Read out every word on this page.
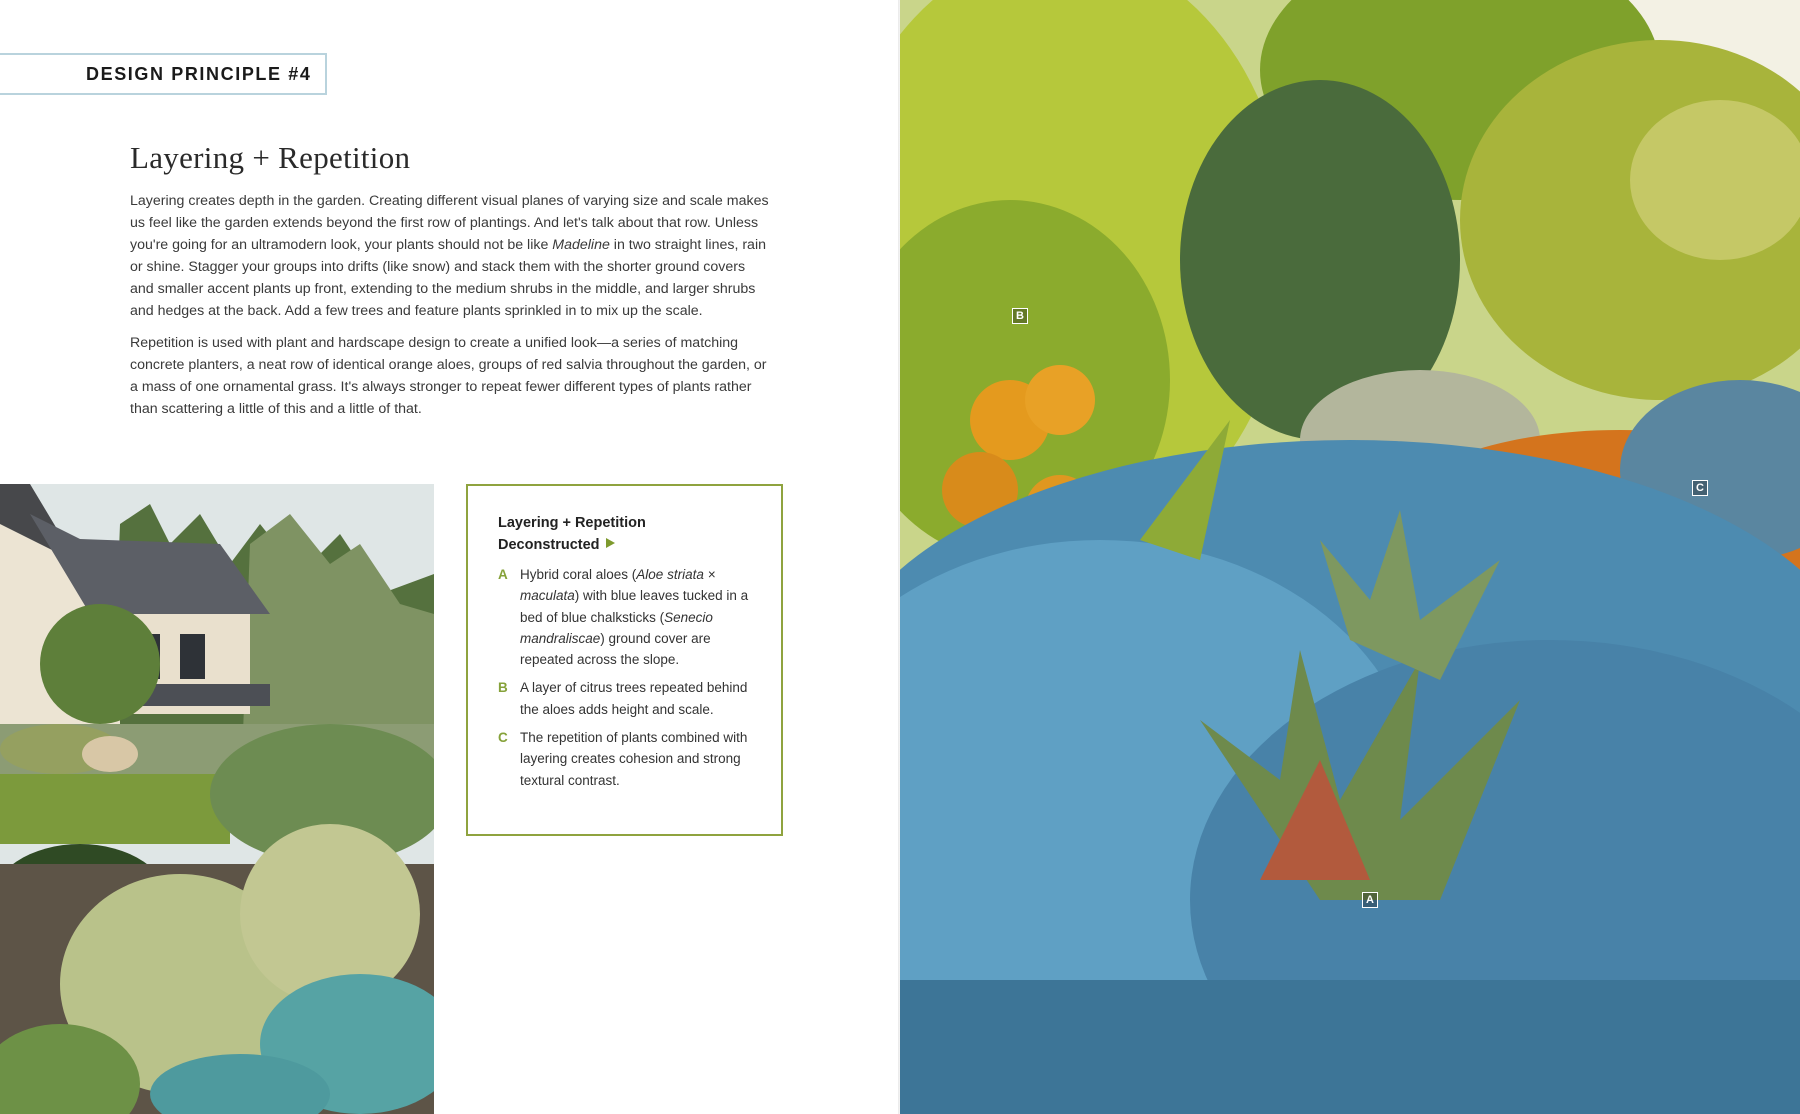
DESIGN PRINCIPLE #4
Layering + Repetition

Layering creates depth in the garden. Creating different visual planes of varying size and scale makes us feel like the garden extends beyond the first row of plantings. And let's talk about that row. Unless you're going for an ultramodern look, your plants should not be like Madeline in two straight lines, rain or shine. Stagger your groups into drifts (like snow) and stack them with the shorter ground covers and smaller accent plants up front, extending to the medium shrubs in the middle, and larger shrubs and hedges at the back. Add a few trees and feature plants sprinkled in to mix up the scale.

Repetition is used with plant and hardscape design to create a unified look—a series of matching concrete planters, a neat row of identical orange aloes, groups of red salvia throughout the garden, or a mass of one ornamental grass. It's always stronger to repeat fewer different types of plants rather than scattering a little of this and a little of that.

Layering + Repetition
Deconstructed
A Hybrid coral aloes (Aloe striata × maculata) with blue leaves tucked in a bed of blue chalksticks (Senecio mandraliscae) ground cover are repeated across the slope.
B A layer of citrus trees repeated behind the aloes adds height and scale.
C The repetition of plants combined with layering creates cohesion and strong textural contrast.
B
C
A
